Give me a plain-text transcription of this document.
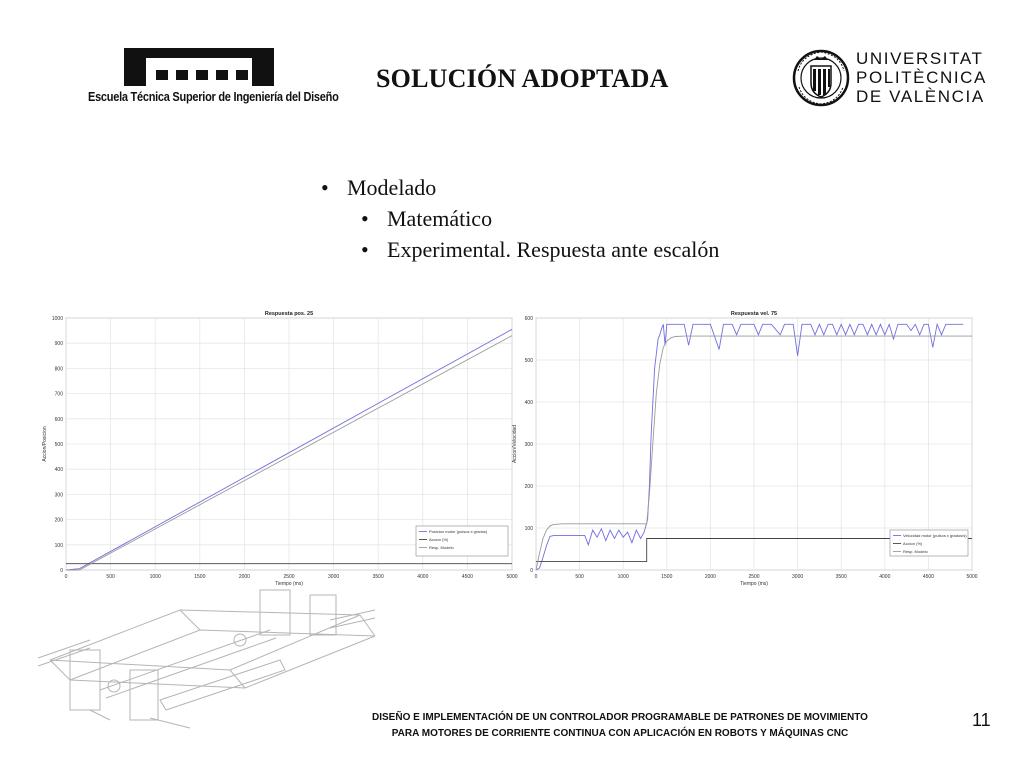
Escuela Técnica Superior de Ingeniería del Diseño
SOLUCIÓN ADOPTADA
UNIVERSITAT
POLITÈCNICA
DE VALÈNCIA
• Modelado
• Matemático
• Experimental. Respuesta ante escalón
0	500	1000	1500	2000	2500	3000	3500	4000	4500	5000
0
100
200
300
400
500
600
700
800
900
1000
Respuesta pos. 25
Tiempo (ms)
Accion/Posicion
Posicion motor (pulsos x grados)
Accion (%)
Resp. Modelo
0	500	1000	1500	2000	2500	3000	3500	4000	4500	5000
0
100
200
300
400
500
600
Respuesta vel. 75
Tiempo (ms)
Accion/Velocidad
Velocidad motor (pulsos x grados/s)
Accion (%)
Resp. Modelo
DISEÑO E IMPLEMENTACIÓN DE UN CONTROLADOR PROGRAMABLE DE PATRONES DE MOVIMIENTO
PARA MOTORES DE CORRIENTE CONTINUA CON APLICACIÓN EN ROBOTS Y MÁQUINAS CNC
11
